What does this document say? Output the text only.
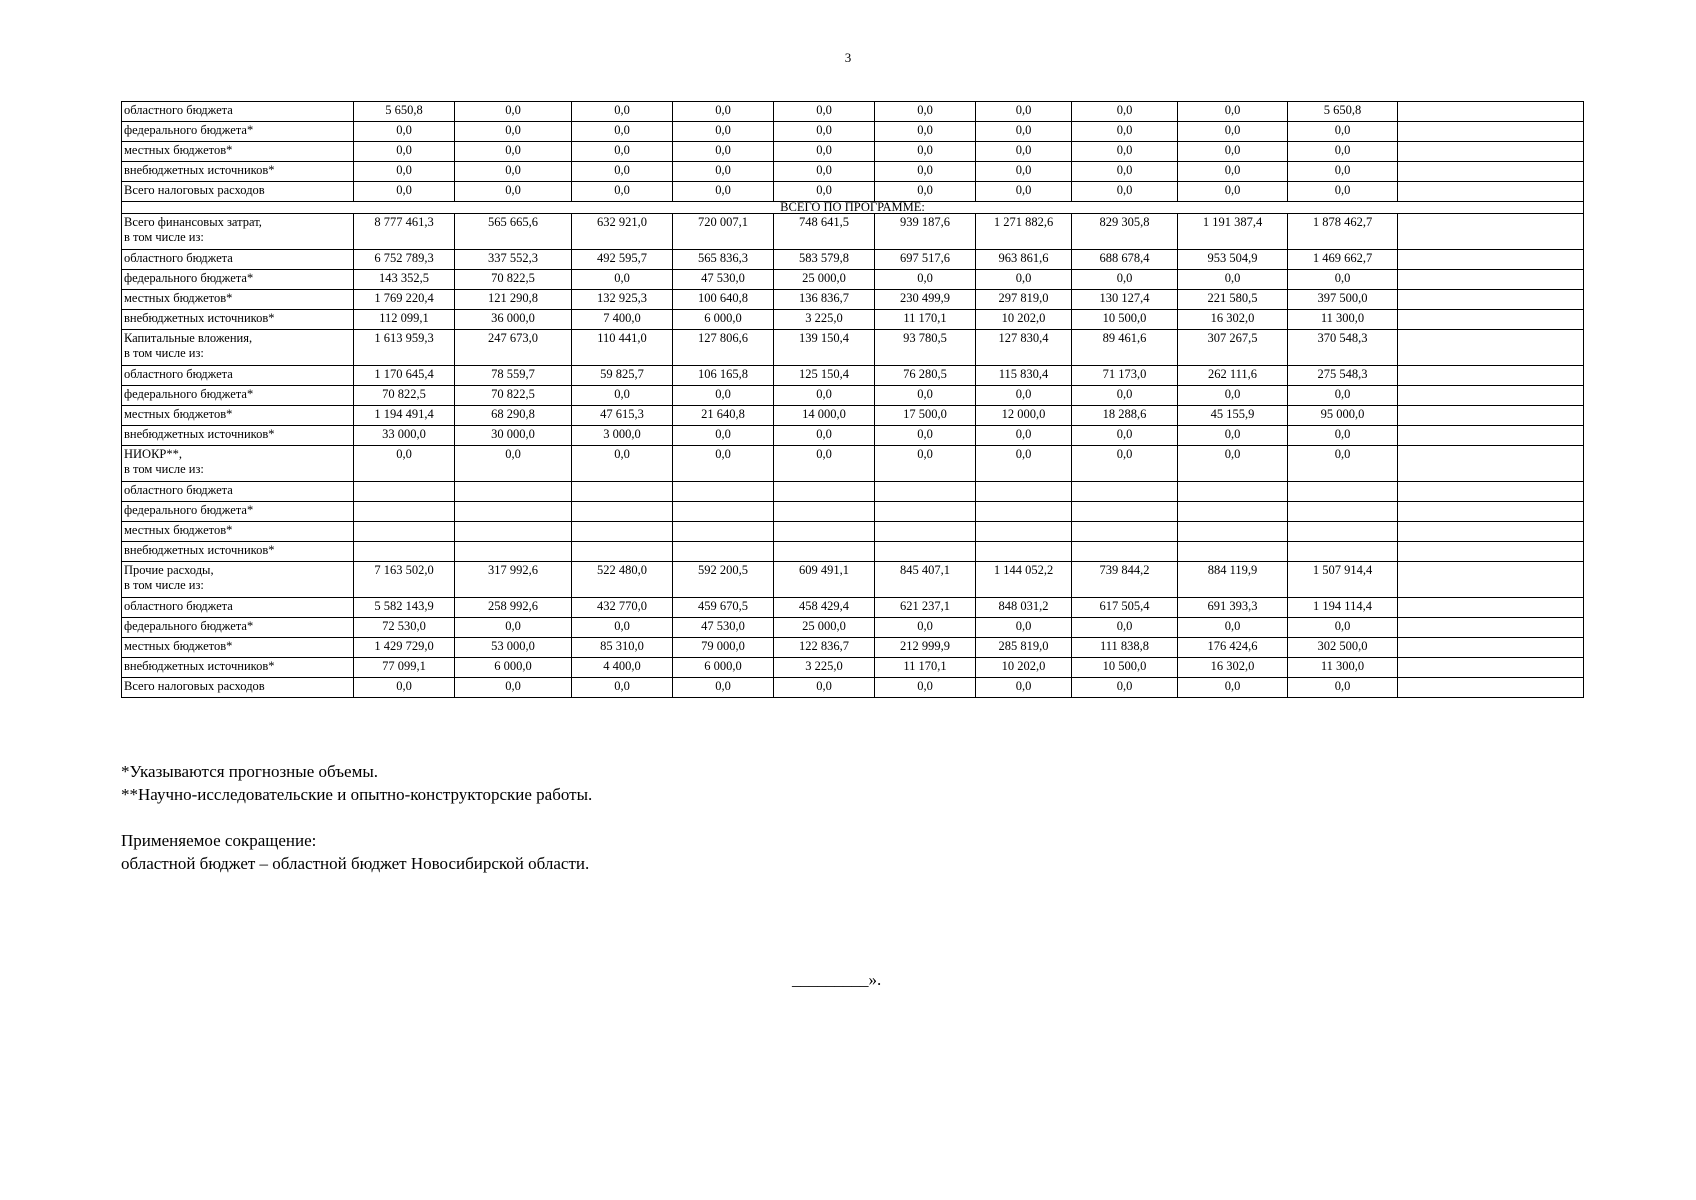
3
областного бюджета	5 650,8	0,0	0,0	0,0	0,0	0,0	0,0	0,0	0,0	5 650,8	
федерального бюджета*	0,0	0,0	0,0	0,0	0,0	0,0	0,0	0,0	0,0	0,0	
местных бюджетов*	0,0	0,0	0,0	0,0	0,0	0,0	0,0	0,0	0,0	0,0	
внебюджетных источников*	0,0	0,0	0,0	0,0	0,0	0,0	0,0	0,0	0,0	0,0	
Всего налоговых расходов	0,0	0,0	0,0	0,0	0,0	0,0	0,0	0,0	0,0	0,0	
ВСЕГО ПО ПРОГРАММЕ:											
Всего финансовых затрат,
в том числе из:	8 777 461,3	565 665,6	632 921,0	720 007,1	748 641,5	939 187,6	1 271 882,6	829 305,8	1 191 387,4	1 878 462,7	
областного бюджета	6 752 789,3	337 552,3	492 595,7	565 836,3	583 579,8	697 517,6	963 861,6	688 678,4	953 504,9	1 469 662,7	
федерального бюджета*	143 352,5	70 822,5	0,0	47 530,0	25 000,0	0,0	0,0	0,0	0,0	0,0	
местных бюджетов*	1 769 220,4	121 290,8	132 925,3	100 640,8	136 836,7	230 499,9	297 819,0	130 127,4	221 580,5	397 500,0	
внебюджетных источников*	112 099,1	36 000,0	7 400,0	6 000,0	3 225,0	11 170,1	10 202,0	10 500,0	16 302,0	11 300,0	
Капитальные вложения,
в том числе из:	1 613 959,3	247 673,0	110 441,0	127 806,6	139 150,4	93 780,5	127 830,4	89 461,6	307 267,5	370 548,3	
областного бюджета	1 170 645,4	78 559,7	59 825,7	106 165,8	125 150,4	76 280,5	115 830,4	71 173,0	262 111,6	275 548,3	
федерального бюджета*	70 822,5	70 822,5	0,0	0,0	0,0	0,0	0,0	0,0	0,0	0,0	
местных бюджетов*	1 194 491,4	68 290,8	47 615,3	21 640,8	14 000,0	17 500,0	12 000,0	18 288,6	45 155,9	95 000,0	
внебюджетных источников*	33 000,0	30 000,0	3 000,0	0,0	0,0	0,0	0,0	0,0	0,0	0,0	
НИОКР**,
в том числе из:	0,0	0,0	0,0	0,0	0,0	0,0	0,0	0,0	0,0	0,0	
областного бюджета											
федерального бюджета*											
местных бюджетов*											
внебюджетных источников*											
Прочие расходы,
в том числе из:	7 163 502,0	317 992,6	522 480,0	592 200,5	609 491,1	845 407,1	1 144 052,2	739 844,2	884 119,9	1 507 914,4	
областного бюджета	5 582 143,9	258 992,6	432 770,0	459 670,5	458 429,4	621 237,1	848 031,2	617 505,4	691 393,3	1 194 114,4	
федерального бюджета*	72 530,0	0,0	0,0	47 530,0	25 000,0	0,0	0,0	0,0	0,0	0,0	
местных бюджетов*	1 429 729,0	53 000,0	85 310,0	79 000,0	122 836,7	212 999,9	285 819,0	111 838,8	176 424,6	302 500,0	
внебюджетных источников*	77 099,1	6 000,0	4 400,0	6 000,0	3 225,0	11 170,1	10 202,0	10 500,0	16 302,0	11 300,0	
Всего налоговых расходов	0,0	0,0	0,0	0,0	0,0	0,0	0,0	0,0	0,0	0,0	

*Указываются прогнозные объемы.

**Научно-исследовательские и опытно-конструкторские работы.

Применяемое сокращение:

областной бюджет – областной бюджет Новосибирской области.

_________».
